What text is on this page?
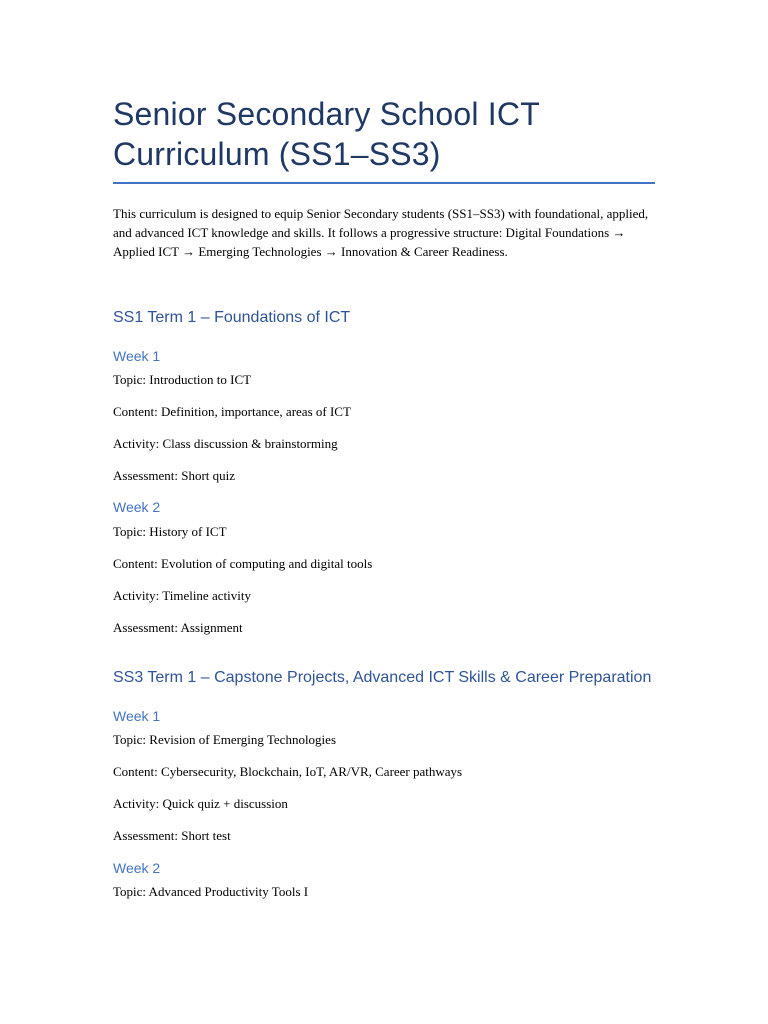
Senior Secondary School ICT Curriculum (SS1–SS3)

This curriculum is designed to equip Senior Secondary students (SS1–SS3) with foundational, applied, and advanced ICT knowledge and skills. It follows a progressive structure: Digital Foundations → Applied ICT → Emerging Technologies → Innovation & Career Readiness.

SS1 Term 1 – Foundations of ICT
Week 1

Topic: Introduction to ICT

Content: Definition, importance, areas of ICT

Activity: Class discussion & brainstorming

Assessment: Short quiz

Week 2

Topic: History of ICT

Content: Evolution of computing and digital tools

Activity: Timeline activity

Assessment: Assignment

SS3 Term 1 – Capstone Projects, Advanced ICT Skills & Career Preparation
Week 1

Topic: Revision of Emerging Technologies

Content: Cybersecurity, Blockchain, IoT, AR/VR, Career pathways

Activity: Quick quiz + discussion

Assessment: Short test

Week 2

Topic: Advanced Productivity Tools I
